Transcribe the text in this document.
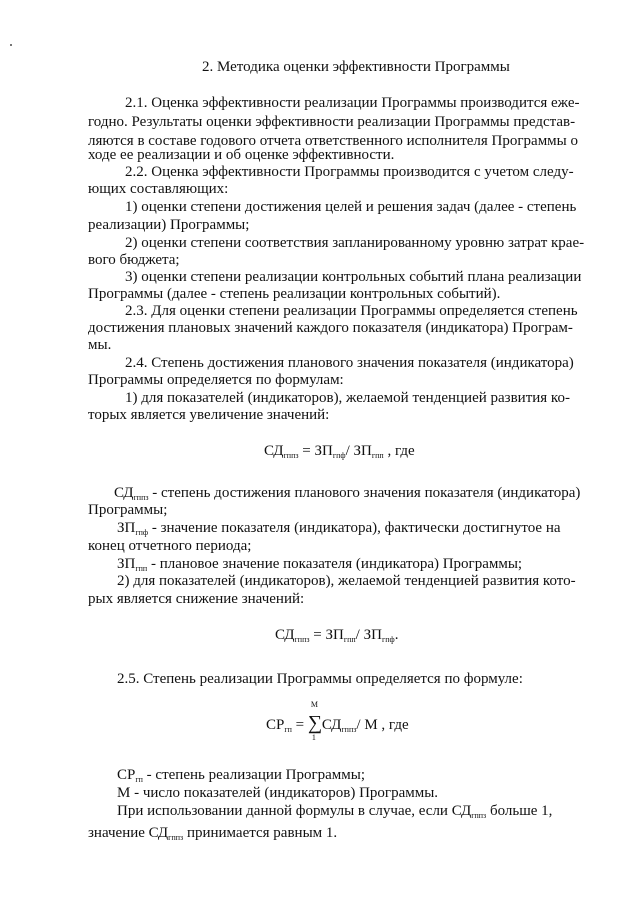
2. Методика оценки эффективности Программы
2.1. Оценка эффективности реализации Программы производится еже-
годно. Результаты оценки эффективности реализации Программы представ-
ляются в составе годового отчета ответственного исполнителя Программы о
ходе ее реализации и об оценке эффективности.
2.2. Оценка эффективности Программы производится с учетом следу-
ющих составляющих:
1) оценки степени достижения целей и решения задач (далее - степень
реализации) Программы;
2) оценки степени соответствия запланированному уровню затрат крае-
вого бюджета;
3) оценки степени реализации контрольных событий плана реализации
Программы (далее - степень реализации контрольных событий).
2.3. Для оценки степени реализации Программы определяется степень
достижения плановых значений каждого показателя (индикатора) Програм-
мы.
2.4. Степень достижения планового значения показателя (индикатора)
Программы определяется по формулам:
1) для показателей (индикаторов), желаемой тенденцией развития ко-
торых является увеличение значений:
$СД_{гппз} = ЗП_{гпф}/$ $ЗП_{гпп}$ , где
$СД_{гппз}$ - степень достижения планового значения показателя (индикатора)
Программы;
$ЗП_{гпф}$ - значение показателя (индикатора), фактически достигнутое на
конец отчетного периода;
$ЗП_{гпп}$ - плановое значение показателя (индикатора) Программы;
2) для показателей (индикаторов), желаемой тенденцией развития кото-
рых является снижение значений:
$СД_{гппз} = ЗП_{гпп}/$ $ЗП_{гпф}$.
2.5. Степень реализации Программы определяется по формуле:
$СР_{гп}$ =
М
∑
1
$СД_{гппз}/$ М , где
$СР_{гп}$ - степень реализации Программы;
М - число показателей (индикаторов) Программы.
При использовании данной формулы в случае, если $СД_{гппз}$ больше 1,
значение $СД_{гппз}$ принимается равным 1.
